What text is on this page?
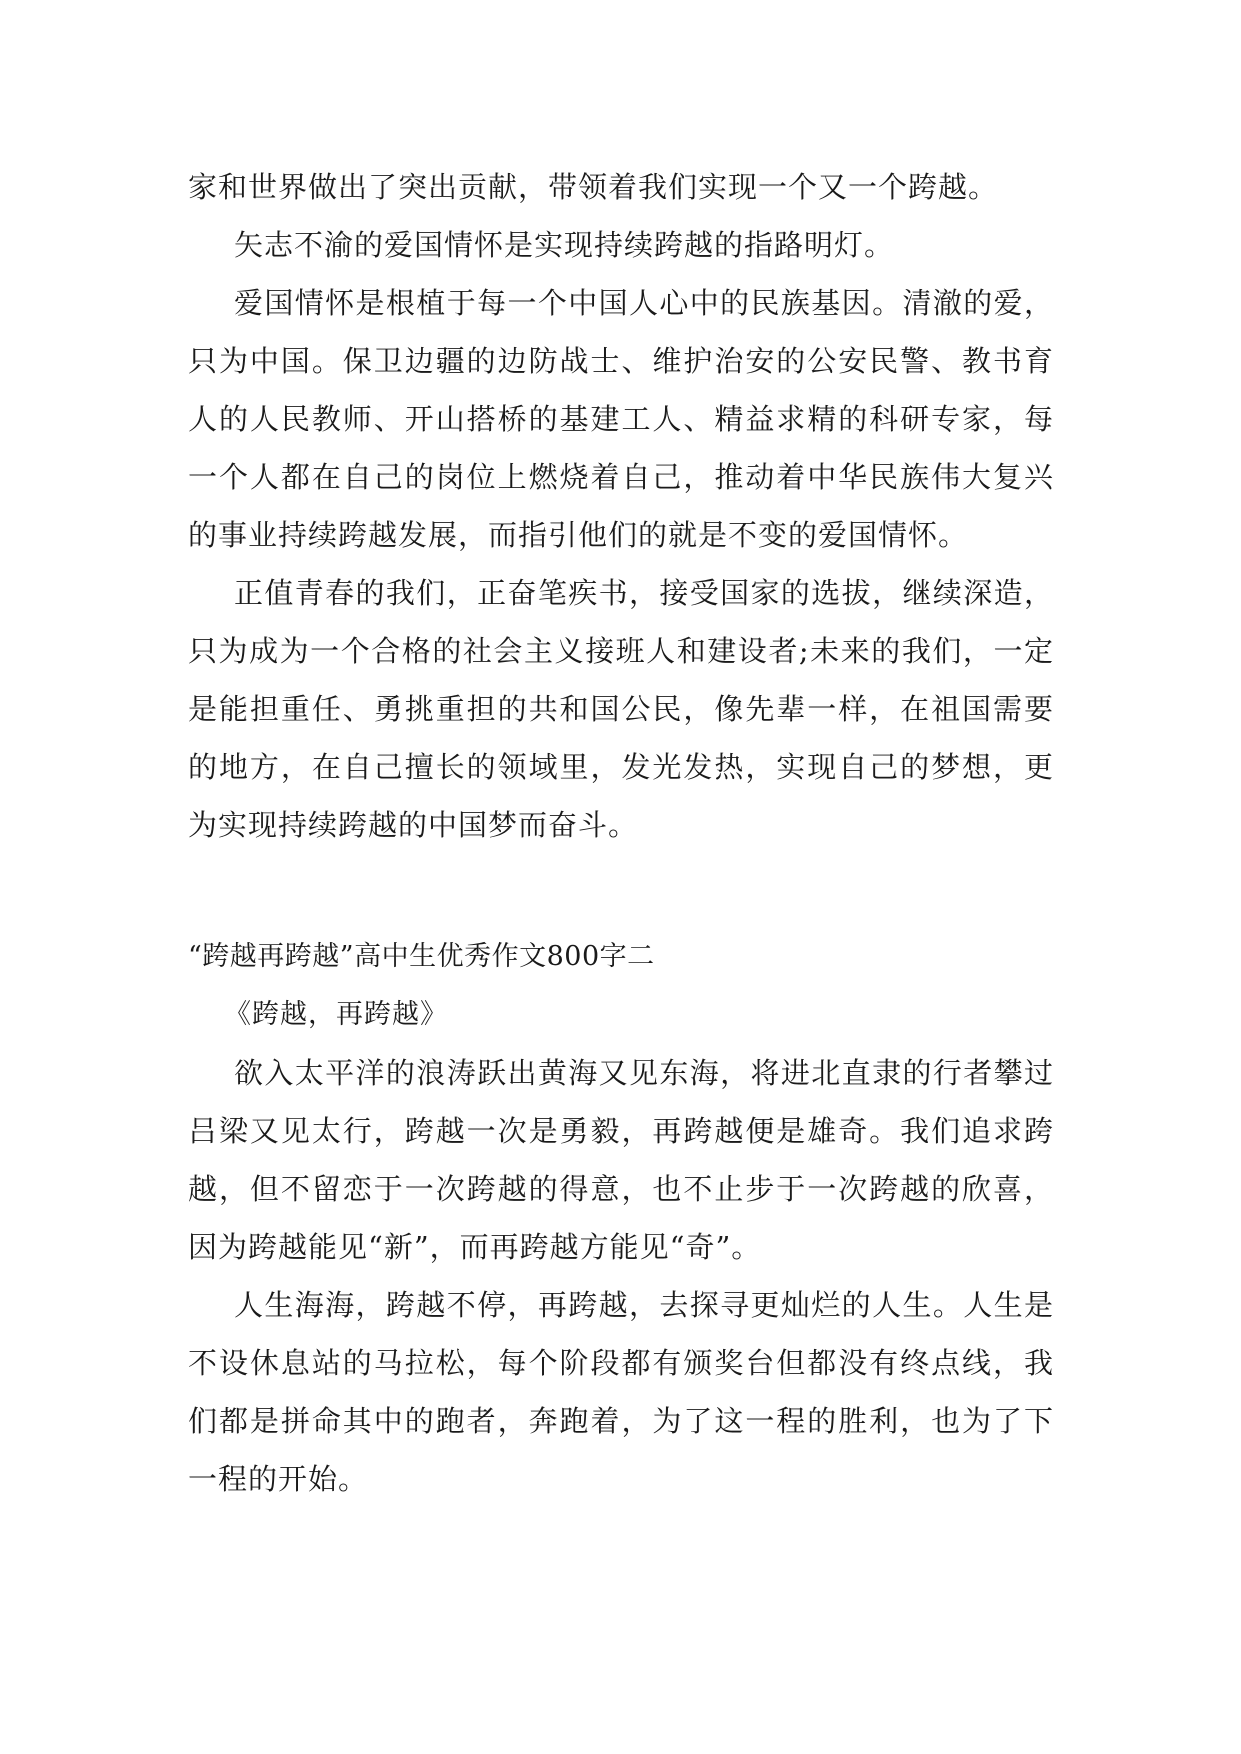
家和世界做出了突出贡献，带领着我们实现一个又一个跨越。

矢志不渝的爱国情怀是实现持续跨越的指路明灯。

爱国情怀是根植于每一个中国人心中的民族基因。清澈的爱，只为中国。保卫边疆的边防战士、维护治安的公安民警、教书育人的人民教师、开山搭桥的基建工人、精益求精的科研专家，每一个人都在自己的岗位上燃烧着自己，推动着中华民族伟大复兴的事业持续跨越发展，而指引他们的就是不变的爱国情怀。

正值青春的我们，正奋笔疾书，接受国家的选拔，继续深造，只为成为一个合格的社会主义接班人和建设者;未来的我们，一定是能担重任、勇挑重担的共和国公民，像先辈一样，在祖国需要的地方，在自己擅长的领域里，发光发热，实现自己的梦想，更为实现持续跨越的中国梦而奋斗。

“跨越再跨越”高中生优秀作文800字二

《跨越，再跨越》

欲入太平洋的浪涛跃出黄海又见东海，将进北直隶的行者攀过吕梁又见太行，跨越一次是勇毅，再跨越便是雄奇。我们追求跨越，但不留恋于一次跨越的得意，也不止步于一次跨越的欣喜，因为跨越能见“新”，而再跨越方能见“奇”。

人生海海，跨越不停，再跨越，去探寻更灿烂的人生。人生是不设休息站的马拉松，每个阶段都有颁奖台但都没有终点线，我们都是拼命其中的跑者，奔跑着，为了这一程的胜利，也为了下一程的开始。
